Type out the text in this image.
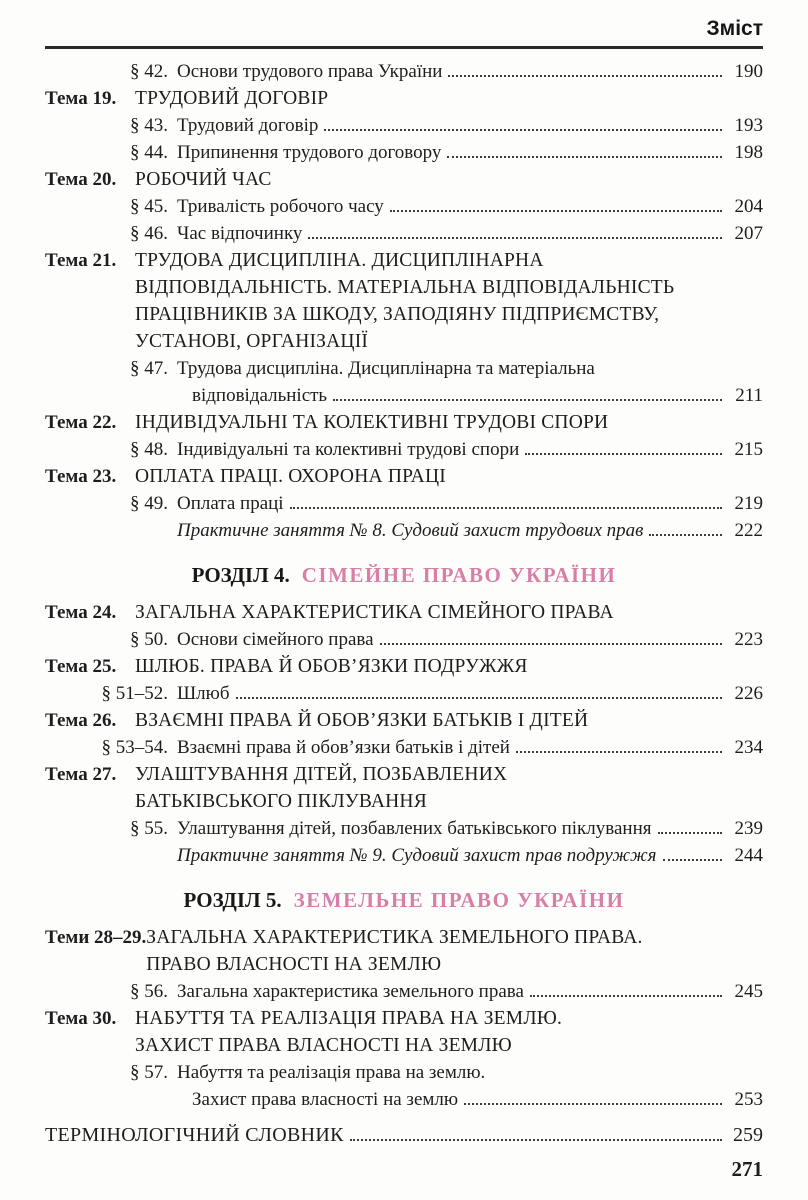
Зміст
§ 42. Основи трудового права України	190
Тема 19. ТРУДОВИЙ ДОГОВІР
§ 43. Трудовий договір	193
§ 44. Припинення трудового договору	198
Тема 20. РОБОЧИЙ ЧАС
§ 45. Тривалість робочого часу	204
§ 46. Час відпочинку	207
Тема 21. ТРУДОВА ДИСЦИПЛІНА. ДИСЦИПЛІНАРНА
ВІДПОВІДАЛЬНІСТЬ. МАТЕРІАЛЬНА ВІДПОВІДАЛЬНІСТЬ
ПРАЦІВНИКІВ ЗА ШКОДУ, ЗАПОДІЯНУ ПІДПРИЄМСТВУ,
УСТАНОВІ, ОРГАНІЗАЦІЇ
§ 47. Трудова дисципліна. Дисциплінарна та матеріальна
відповідальність	211
Тема 22. ІНДИВІДУАЛЬНІ ТА КОЛЕКТИВНІ ТРУДОВІ СПОРИ
§ 48. Індивідуальні та колективні трудові спори	215
Тема 23. ОПЛАТА ПРАЦІ. ОХОРОНА ПРАЦІ
§ 49. Оплата праці	219
Практичне заняття № 8. Судовий захист трудових прав	222
РОЗДІЛ 4. СІМЕЙНЕ ПРАВО УКРАЇНИ
Тема 24. ЗАГАЛЬНА ХАРАКТЕРИСТИКА СІМЕЙНОГО ПРАВА
§ 50. Основи сімейного права	223
Тема 25. ШЛЮБ. ПРАВА Й ОБОВ’ЯЗКИ ПОДРУЖЖЯ
§ 51–52. Шлюб	226
Тема 26. ВЗАЄМНІ ПРАВА Й ОБОВ’ЯЗКИ БАТЬКІВ І ДІТЕЙ
§ 53–54. Взаємні права й обов’язки батьків і дітей	234
Тема 27. УЛАШТУВАННЯ ДІТЕЙ, ПОЗБАВЛЕНИХ
БАТЬКІВСЬКОГО ПІКЛУВАННЯ
§ 55. Улаштування дітей, позбавлених батьківського піклування	239
Практичне заняття № 9. Судовий захист прав подружжя	244
РОЗДІЛ 5. ЗЕМЕЛЬНЕ ПРАВО УКРАЇНИ
Теми 28–29. ЗАГАЛЬНА ХАРАКТЕРИСТИКА ЗЕМЕЛЬНОГО ПРАВА.
ПРАВО ВЛАСНОСТІ НА ЗЕМЛЮ
§ 56. Загальна характеристика земельного права	245
Тема 30. НАБУТТЯ ТА РЕАЛІЗАЦІЯ ПРАВА НА ЗЕМЛЮ.
ЗАХИСТ ПРАВА ВЛАСНОСТІ НА ЗЕМЛЮ
§ 57. Набуття та реалізація права на землю.
Захист права власності на землю	253
ТЕРМІНОЛОГІЧНИЙ СЛОВНИК	259
271
